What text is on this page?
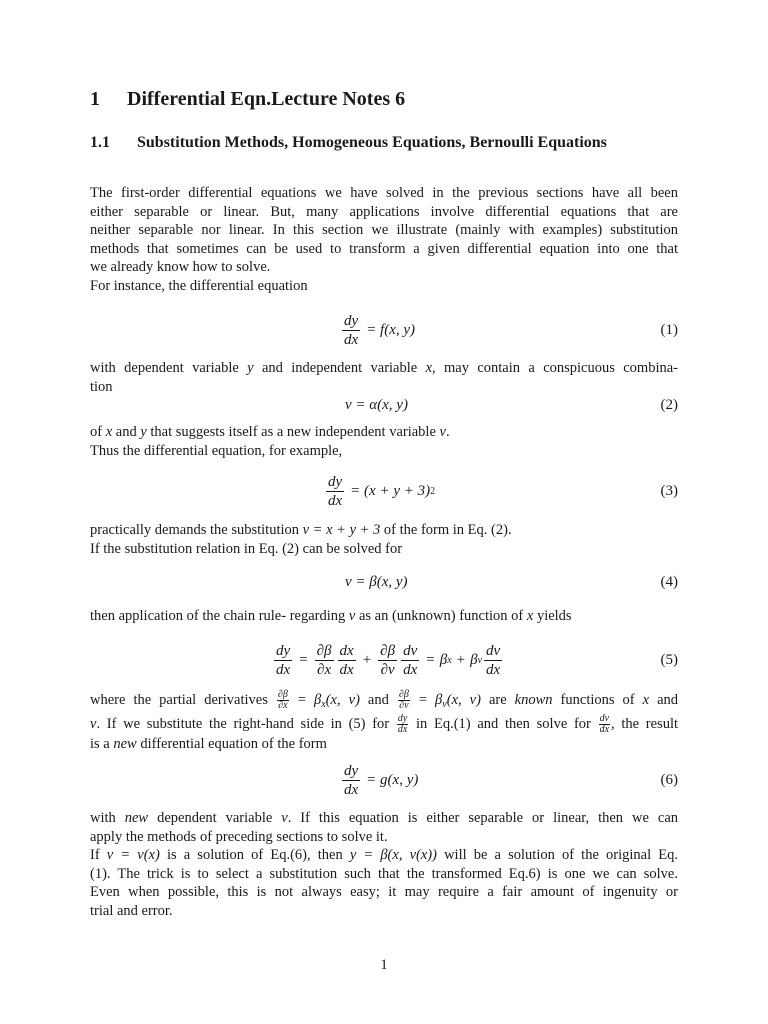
1 Differential Eqn.Lecture Notes 6
1.1	Substitution Methods, Homogeneous Equations, Bernoulli Equations
The first-order differential equations we have solved in the previous sections have all been
either separable or linear. But, many applications involve differential equations that are
neither separable nor linear. In this section we illustrate (mainly with examples) substitution
methods that sometimes can be used to transform a given differential equation into one that
we already know how to solve.
For instance, the differential equation
$\frac{dy}{dx} = f(x$, y)	(1)
with dependent variable y and independent variable x, may contain a conspicuous combina-
tion
v = α(x, y)	(2)
of x and y that suggests itself as a new independent variable v.
Thus the differential equation, for example,
$\frac{dy}{dx} = (x + y + 3)$ 2	(3)
practically demands the substitution v = x + y + 3 of the form in Eq. (2).
If the substitution relation in Eq. (2) can be solved for
v = β(x, y)	(4)
then application of the chain rule- regarding v as an (unknown) function of x yields
$\frac{dy}{dx} = \frac{\partial\beta}{\partial x} \frac{dx}{dx} + \frac{\partial\beta}{\partial v} \frac{dv}{dx} = \beta$ x + β v $\frac{dv}{dx}$	(5)
where the partial derivatives $\frac{\partial\beta}{\partial x} = \beta_x(x$, v) and $\frac{\partial\beta}{\partial v} = \beta_v(x$, v) are known functions of x and
v. If we substitute the right-hand side in (5) for $\frac{dy}{dx}$ in Eq.(1) and then solve for $\frac{dv}{dx}$ , the result
is a new differential equation of the form
$\frac{dy}{dx} = g(x$, y)	(6)
with new dependent variable v. If this equation is either separable or linear, then we can
apply the methods of preceding sections to solve it.
If v = v(x) is a solution of Eq.(6), then y = β(x, v(x)) will be a solution of the original Eq.
(1). The trick is to select a substitution such that the transformed Eq.6) is one we can solve.
Even when possible, this is not always easy; it may require a fair amount of ingenuity or
trial and error.
1
